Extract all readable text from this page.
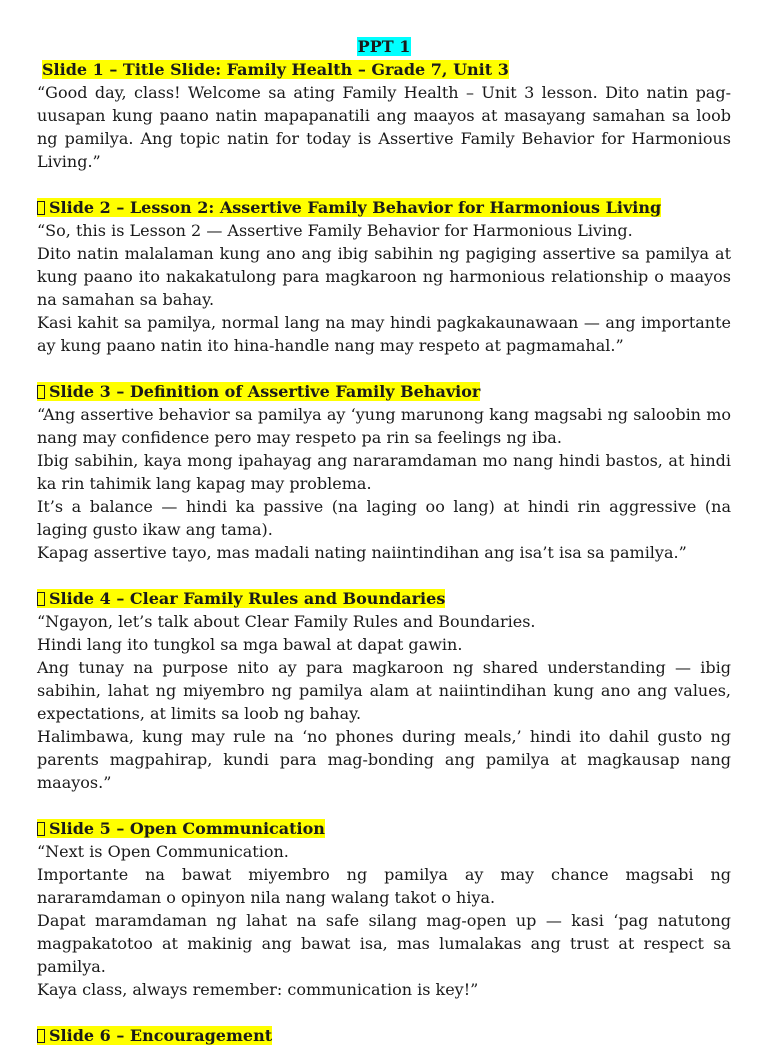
PPT 1

Slide 1 – Title Slide: Family Health – Grade 7, Unit 3

“Good day, class! Welcome sa ating Family Health – Unit 3 lesson. Dito natin pag-uusapan kung paano natin mapapanatili ang maayos at masayang samahan sa loob ng pamilya. Ang topic natin for today is Assertive Family Behavior for Harmonious Living.”

Slide 2 – Lesson 2: Assertive Family Behavior for Harmonious Living

“So, this is Lesson 2 — Assertive Family Behavior for Harmonious Living.

Dito natin malalaman kung ano ang ibig sabihin ng pagiging assertive sa pamilya at kung paano ito nakakatulong para magkaroon ng harmonious relationship o maayos na samahan sa bahay.

Kasi kahit sa pamilya, normal lang na may hindi pagkakaunawaan — ang importante ay kung paano natin ito hina-handle nang may respeto at pagmamahal.”

Slide 3 – Definition of Assertive Family Behavior

“Ang assertive behavior sa pamilya ay ‘yung marunong kang magsabi ng saloobin mo nang may confidence pero may respeto pa rin sa feelings ng iba.

Ibig sabihin, kaya mong ipahayag ang nararamdaman mo nang hindi bastos, at hindi ka rin tahimik lang kapag may problema.

It’s a balance — hindi ka passive (na laging oo lang) at hindi rin aggressive (na laging gusto ikaw ang tama).

Kapag assertive tayo, mas madali nating naiintindihan ang isa’t isa sa pamilya.”

Slide 4 – Clear Family Rules and Boundaries

“Ngayon, let’s talk about Clear Family Rules and Boundaries.

Hindi lang ito tungkol sa mga bawal at dapat gawin.

Ang tunay na purpose nito ay para magkaroon ng shared understanding — ibig sabihin, lahat ng miyembro ng pamilya alam at naiintindihan kung ano ang values, expectations, at limits sa loob ng bahay.

Halimbawa, kung may rule na ‘no phones during meals,’ hindi ito dahil gusto ng parents magpahirap, kundi para mag-bonding ang pamilya at magkausap nang maayos.”

Slide 5 – Open Communication

“Next is Open Communication.

Importante na bawat miyembro ng pamilya ay may chance magsabi ng nararamdaman o opinyon nila nang walang takot o hiya.

Dapat maramdaman ng lahat na safe silang mag-open up — kasi ‘pag natutong magpakatotoo at makinig ang bawat isa, mas lumalakas ang trust at respect sa pamilya.

Kaya class, always remember: communication is key!”

Slide 6 – Encouragement
